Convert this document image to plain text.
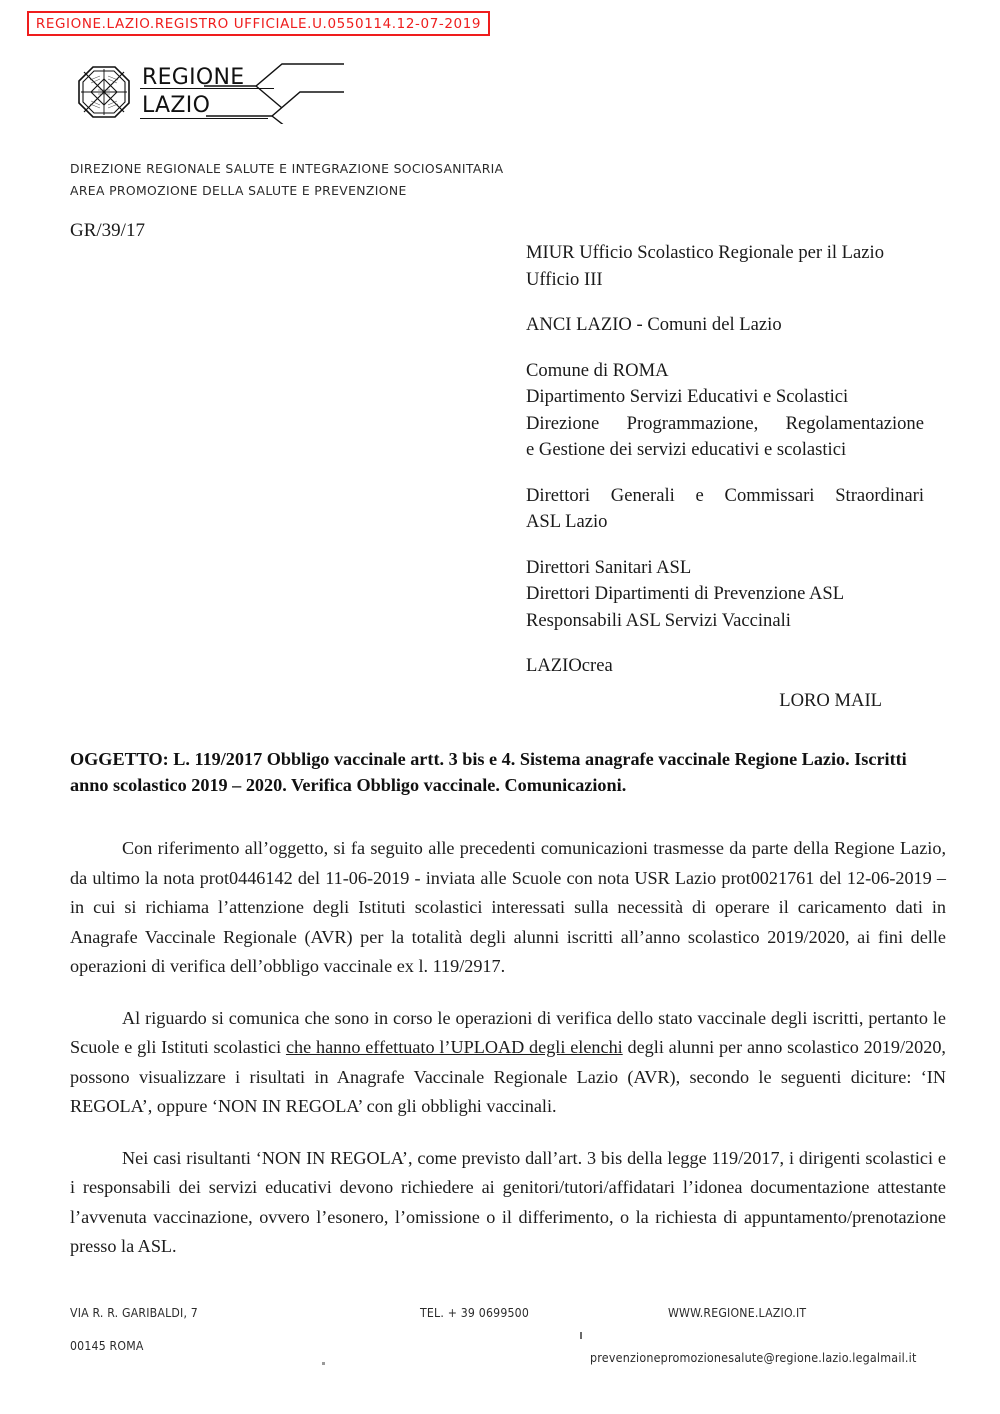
REGIONE.LAZIO.REGISTRO UFFICIALE.U.0550114.12-07-2019
REGIONE
LAZIO
DIREZIONE REGIONALE SALUTE E INTEGRAZIONE SOCIOSANITARIA
AREA PROMOZIONE DELLA SALUTE E PREVENZIONE
GR/39/17
MIUR Ufficio Scolastico Regionale per il Lazio
Ufficio III
ANCI LAZIO - Comuni del Lazio
Comune di ROMA
Dipartimento Servizi Educativi e Scolastici
Direzione Programmazione, Regolamentazione
e Gestione dei servizi educativi e scolastici
Direttori Generali e Commissari Straordinari
ASL Lazio
Direttori Sanitari ASL
Direttori Dipartimenti di Prevenzione ASL
Responsabili ASL Servizi Vaccinali
LAZIOcrea
LORO MAIL
OGGETTO: L. 119/2017 Obbligo vaccinale artt. 3 bis e 4. Sistema anagrafe vaccinale Regione Lazio. Iscritti anno scolastico 2019 – 2020. Verifica Obbligo vaccinale. Comunicazioni.

Con riferimento all’oggetto, si fa seguito alle precedenti comunicazioni trasmesse da parte della Regione Lazio, da ultimo la nota prot0446142 del 11-06-2019 - inviata alle Scuole con nota USR Lazio prot0021761 del 12-06-2019 – in cui si richiama l’attenzione degli Istituti scolastici interessati sulla necessità di operare il caricamento dati in Anagrafe Vaccinale Regionale (AVR) per la totalità degli alunni iscritti all’anno scolastico 2019/2020, ai fini delle operazioni di verifica dell’obbligo vaccinale ex l. 119/2917.

Al riguardo si comunica che sono in corso le operazioni di verifica dello stato vaccinale degli iscritti, pertanto le Scuole e gli Istituti scolastici che hanno effettuato l’UPLOAD degli elenchi degli alunni per anno scolastico 2019/2020, possono visualizzare i risultati in Anagrafe Vaccinale Regionale Lazio (AVR), secondo le seguenti diciture: ‘IN REGOLA’, oppure ‘NON IN REGOLA’ con gli obblighi vaccinali.

Nei casi risultanti ‘NON IN REGOLA’, come previsto dall’art. 3 bis della legge 119/2017, i dirigenti scolastici e i responsabili dei servizi educativi devono richiedere ai genitori/tutori/affidatari l’idonea documentazione attestante l’avvenuta vaccinazione, ovvero l’esonero, l’omissione o il differimento, o la richiesta di appuntamento/prenotazione presso la ASL.

VIA R. R. GARIBALDI, 7
00145 ROMA
TEL. + 39 0699500	WWW.REGIONE.LAZIO.IT
prevenzionepromozionesalute@regione.lazio.legalmail.it
